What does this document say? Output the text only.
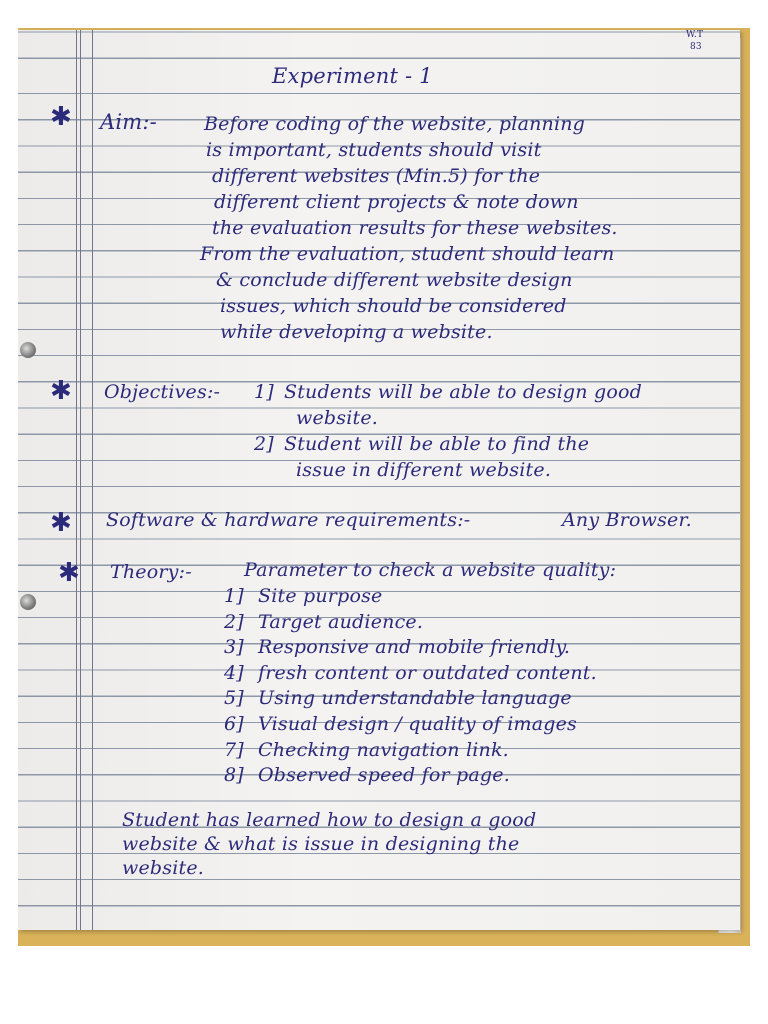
W.T
83
Experiment - 1
✱ Aim:- Before coding of the website, planning
is important, students should visit
different websites (Min.5) for the
different client projects & note down
the evaluation results for these websites.
From the evaluation, student should learn
& conclude different website design
issues, which should be considered
while developing a website.
✱ Objectives:- 1] Students will be able to design good
website.
2] Student will be able to find the
issue in different website.
✱ Software & hardware requirements:-	Any Browser.
✱ Theory:-	Parameter to check a website quality:
1] Site purpose
2] Target audience.
3] Responsive and mobile friendly.
4] fresh content or outdated content.
5] Using understandable language
6] Visual design / quality of images
7] Checking navigation link.
8] Observed speed for page.
Student has learned how to design a good
website & what is issue in designing the
website.
